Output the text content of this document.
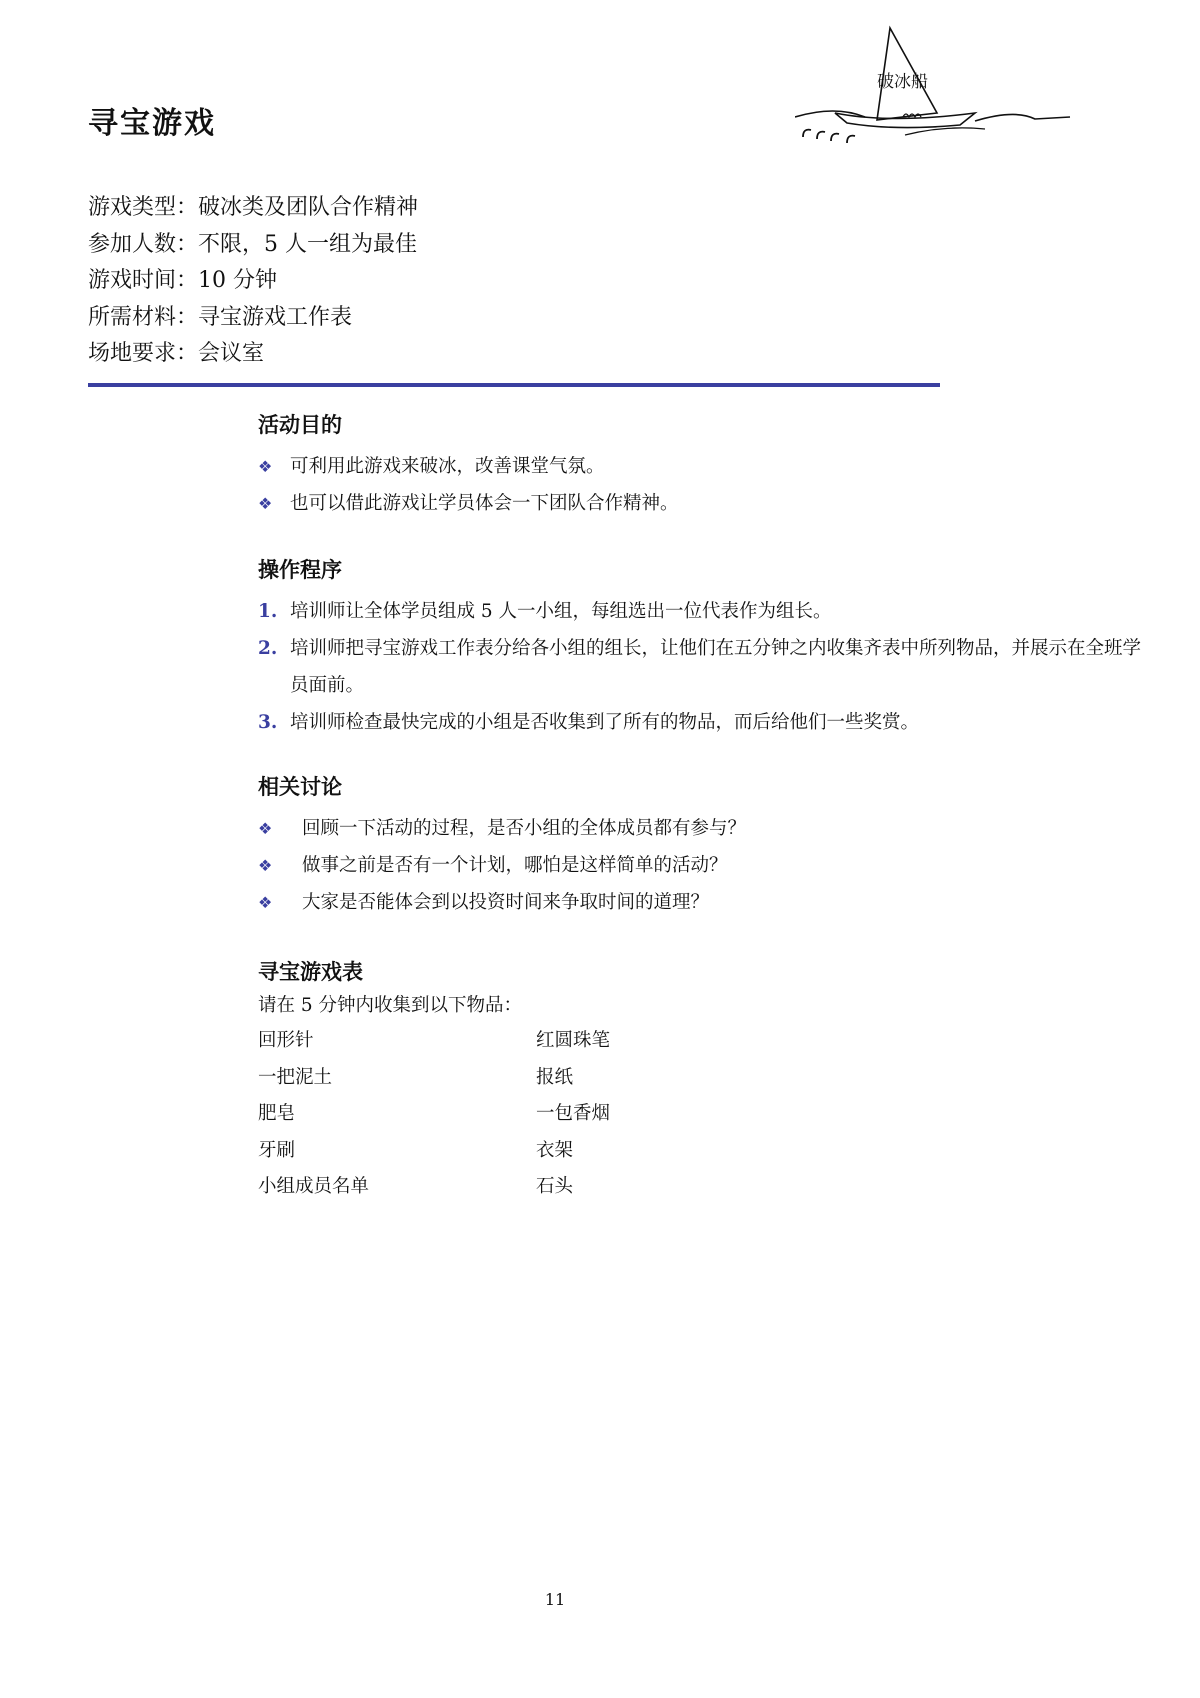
寻宝游戏
破冰船
游戏类型：破冰类及团队合作精神
参加人数：不限，5 人一组为最佳
游戏时间：10 分钟
所需材料：寻宝游戏工作表
场地要求：会议室
活动目的
❖ 可利用此游戏来破冰，改善课堂气氛。
❖ 也可以借此游戏让学员体会一下团队合作精神。
操作程序
1. 培训师让全体学员组成 5 人一小组，每组选出一位代表作为组长。
2. 培训师把寻宝游戏工作表分给各小组的组长，让他们在五分钟之内收集齐表中所列物品，并展示在全班学员面前。
3. 培训师检查最快完成的小组是否收集到了所有的物品，而后给他们一些奖赏。
相关讨论
❖ 回顾一下活动的过程，是否小组的全体成员都有参与？
❖ 做事之前是否有一个计划，哪怕是这样简单的活动？
❖ 大家是否能体会到以投资时间来争取时间的道理？
寻宝游戏表
请在 5 分钟内收集到以下物品：
回形针	红圆珠笔
一把泥土	报纸
肥皂	一包香烟
牙刷	衣架
小组成员名单	石头
11
